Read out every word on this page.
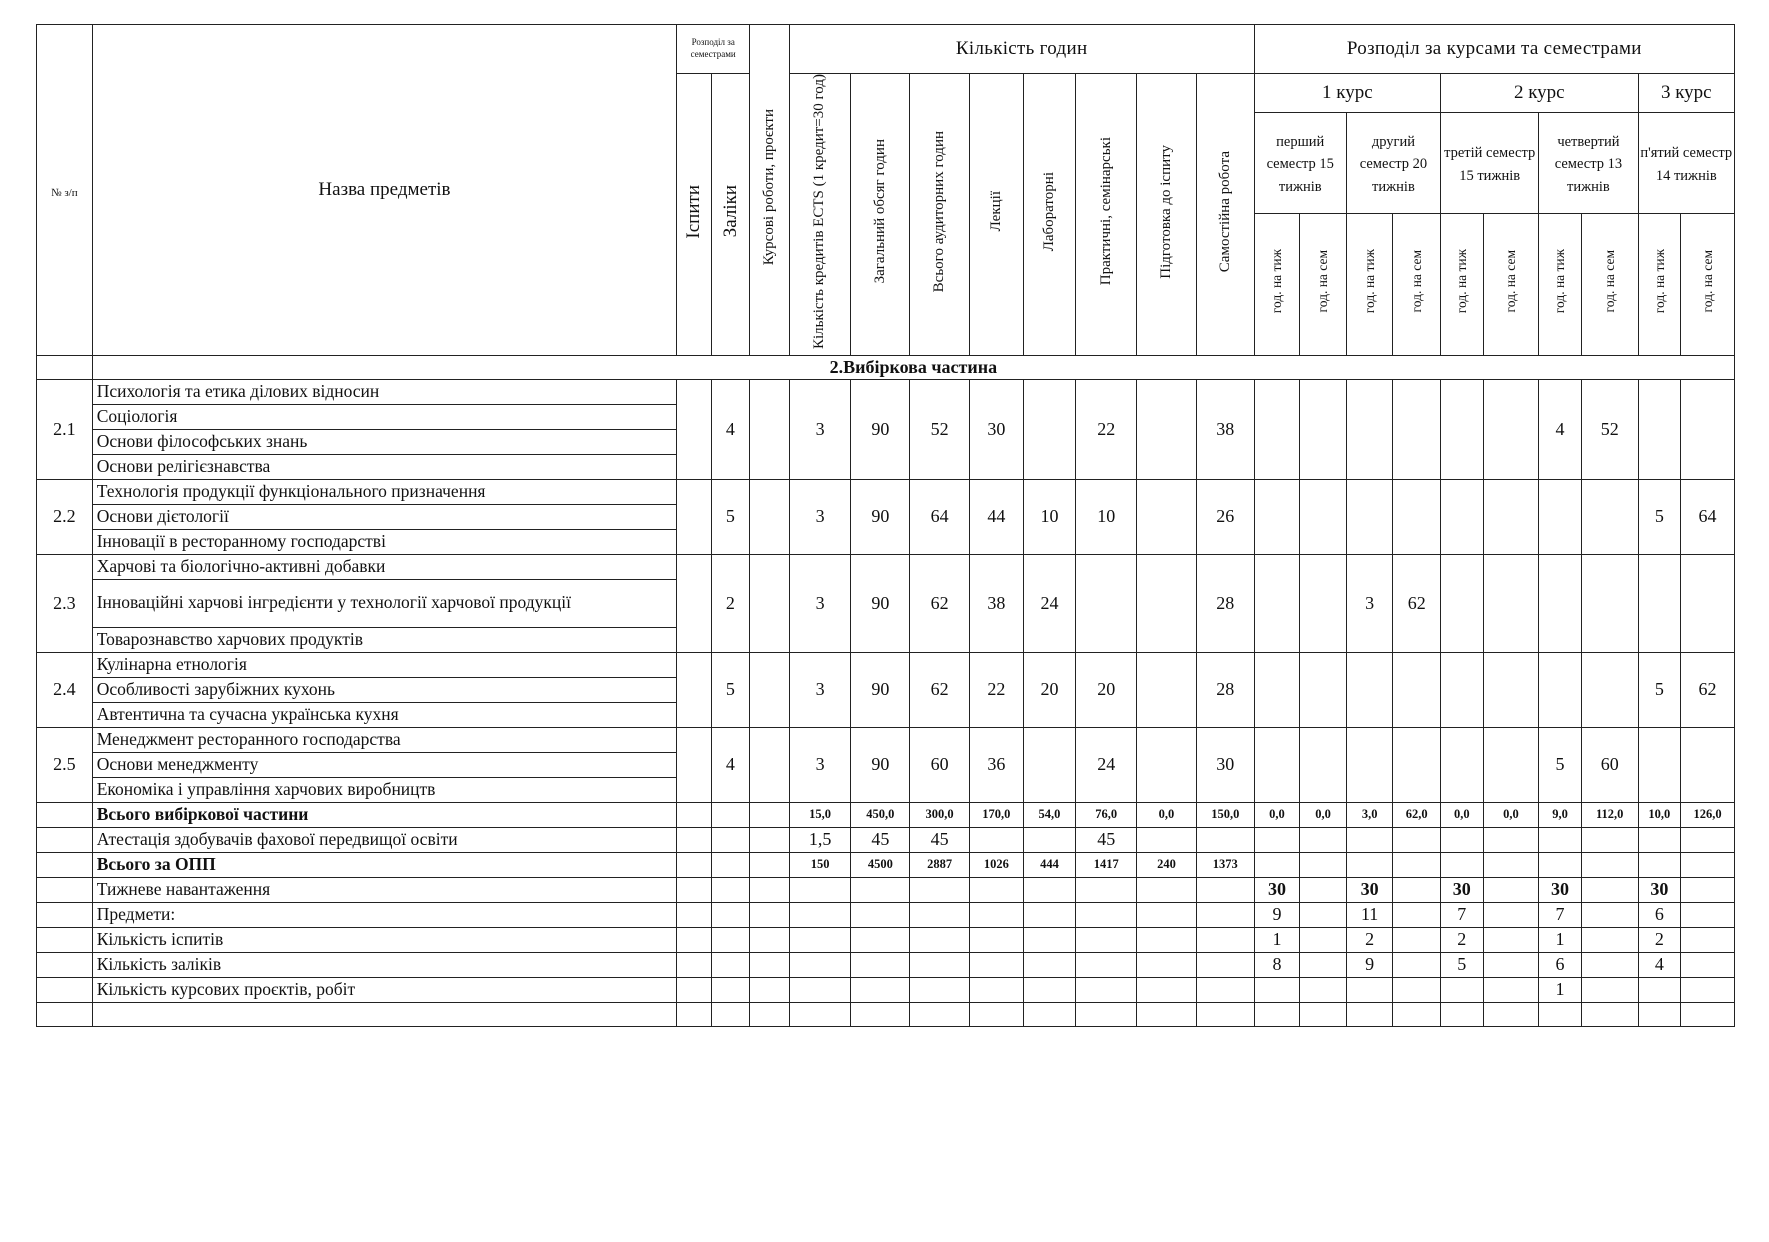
№ з/п	Назва предметів	Розподіл за семестрами		Курсові роботи, проєкти	Кількість годин								Розподіл за курсами та семестрами									
		Іспити	Заліки		Кількість кредитів ECTS (1 кредит=30 год)	Загальний обсяг годин	Всього аудиторних годин	Лекції	Лабораторні	Практичні, семінарські	Підготовка до іспиту	Самостійна робота	1 курс				2 курс				3 курс	
													перший семестр 15 тижнів		другий семестр 20 тижнів		третій семестр 15 тижнів		четвертий семестр 13 тижнів		п'ятий семестр 14 тижнів	
													год. на тиж	год. на сем	год. на тиж	год. на сем	год. на тиж	год. на сем	год. на тиж	год. на сем	год. на тиж	год. на сем
	2.Вибіркова частина																					
2.1	Психологія та етика ділових відносин		4		3	90	52	30		22		38							4	52		
	Соціологія																					
	Основи філософських знань																					
	Основи релігієзнавства																					
2.2	Технологія продукції функціонального призначення		5		3	90	64	44	10	10		26									5	64
	Основи дієтології																					
	Інновації в ресторанному господарстві																					
2.3	Харчові та біологічно-активні добавки		2		3	90	62	38	24			28			3	62						
	Інноваційні харчові інгредієнти у технології харчової продукції																					
	Товарознавство харчових продуктів																					
2.4	Кулінарна етнологія		5		3	90	62	22	20	20		28									5	62
	Особливості зарубіжних кухонь																					
	Автентична та сучасна українська кухня																					
2.5	Менеджмент ресторанного господарства		4		3	90	60	36		24		30							5	60		
	Основи менеджменту																					
	Економіка і управління харчових виробництв																					
	Всього вибіркової частини				15,0	450,0	300,0	170,0	54,0	76,0	0,0	150,0	0,0	0,0	3,0	62,0	0,0	0,0	9,0	112,0	10,0	126,0
	Атестація здобувачів фахової передвищої освіти				1,5	45	45			45												
	Всього за ОПП				150	4500	2887	1026	444	1417	240	1373										
	Тижневе навантаження												30		30		30		30		30	
	Предмети:												9		11		7		7		6	
	Кількість іспитів												1		2		2		1		2	
	Кількість заліків												8		9		5		6		4	
	Кількість курсових проєктів, робіт																		1			
